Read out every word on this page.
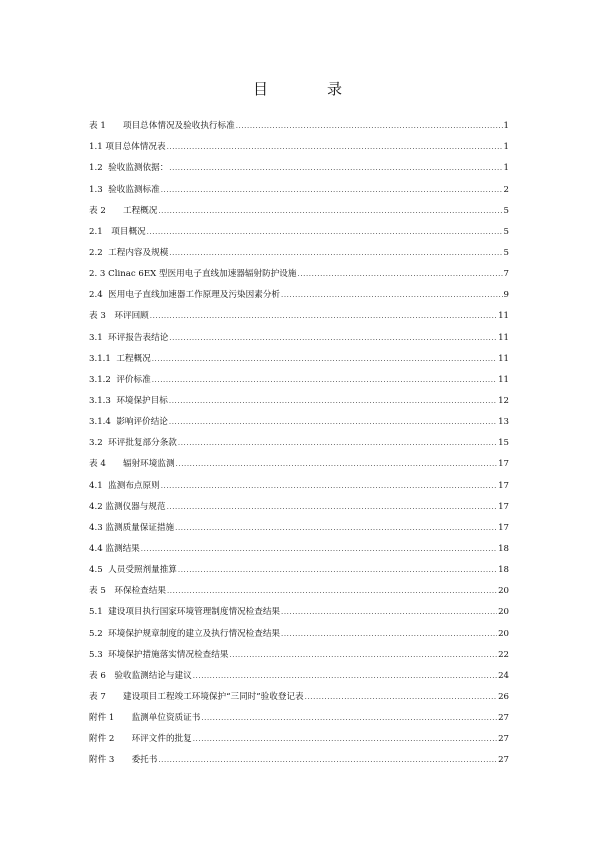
目　录
表 1　　项目总体情况及验收执行标准 .....	1
1.1 项目总体情况表 .....	1
1.2  验收监测依据： .....	1
1.3  验收监测标准 .....	2
表 2　　工程概况 .....	5
2.1　项目概况 .....	5
2.2  工程内容及规模 .....	5
2. 3 Clinac 6EX 型医用电子直线加速器辐射防护设施 .....	7
2.4  医用电子直线加速器工作原理及污染因素分析 .....	9
表 3　环评回顾 .....	11
3.1  环评报告表结论 .....	11
3.1.1  工程概况 .....	11
3.1.2  评价标准 .....	11
3.1.3  环境保护目标 .....	12
3.1.4  影响评价结论 .....	13
3.2  环评批复部分条款 .....	15
表 4　　辐射环境监测 .....	17
4.1  监测布点原则 .....	17
4.2 监测仪器与规范 .....	17
4.3 监测质量保证措施 .....	17
4.4 监测结果 .....	18
4.5  人员受照剂量推算 .....	18
表 5　环保检查结果 .....	20
5.1  建设项目执行国家环境管理制度情况检查结果 .....	20
5.2  环境保护规章制度的建立及执行情况检查结果 .....	20
5.3  环境保护措施落实情况检查结果 .....	22
表 6　验收监测结论与建议 .....	24
表 7　　建设项目工程竣工环境保护“三同时”验收登记表 .....	26
附件 1　　监测单位资质证书 .....	27
附件 2　　环评文件的批复 .....	27
附件 3　　委托书 .....	27
